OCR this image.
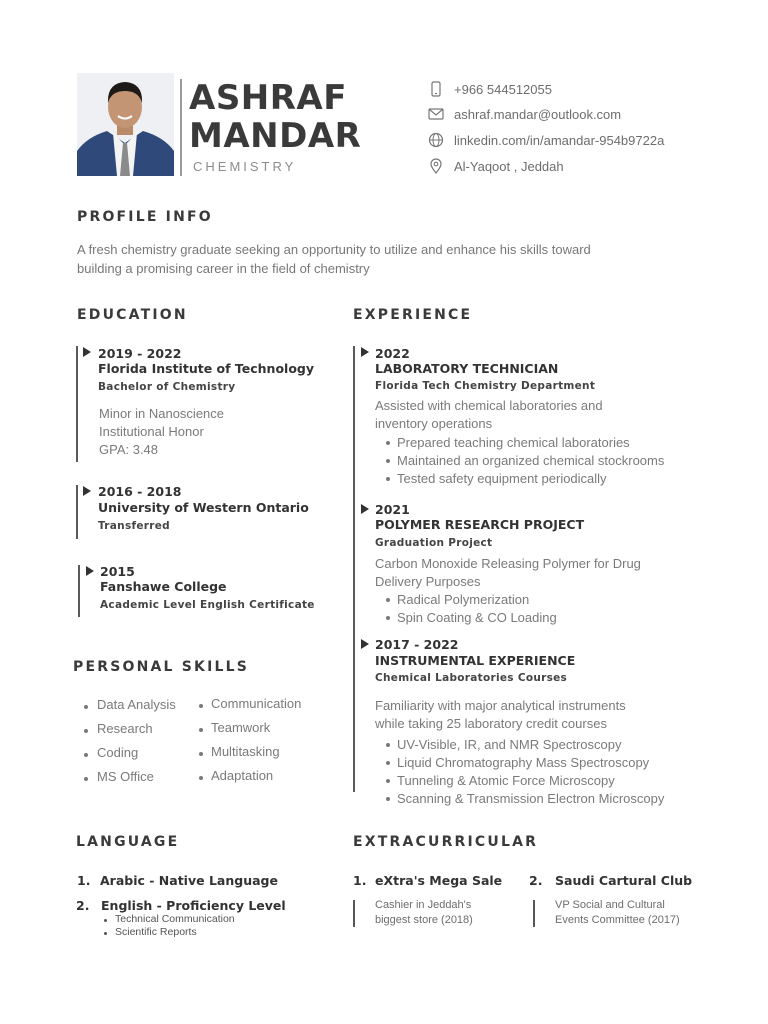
ASHRAF
MANDAR
CHEMISTRY
+966 544512055
ashraf.mandar@outlook.com
linkedin.com/in/amandar-954b9722a
Al-Yaqoot , Jeddah
PROFILE INFO
A fresh chemistry graduate seeking an opportunity to utilize and enhance his skills toward
building a promising career in the field of chemistry
EDUCATION
2019 - 2022
Florida Institute of Technology
Bachelor of Chemistry
Minor in Nanoscience
Institutional Honor
GPA: 3.48
2016 - 2018
University of Western Ontario
Transferred
2015
Fanshawe College
Academic Level English Certificate
PERSONAL SKILLS
Data Analysis
Research
Coding
MS Office
Communication
Teamwork
Multitasking
Adaptation
EXPERIENCE
2022
LABORATORY TECHNICIAN
Florida Tech Chemistry Department
Assisted with chemical laboratories and
inventory operations
Prepared teaching chemical laboratories
Maintained an organized chemical stockrooms
Tested safety equipment periodically
2021
POLYMER RESEARCH PROJECT
Graduation Project
Carbon Monoxide Releasing Polymer for Drug
Delivery Purposes
Radical Polymerization
Spin Coating & CO Loading
2017 - 2022
INSTRUMENTAL EXPERIENCE
Chemical Laboratories Courses
Familiarity with major analytical instruments
while taking 25 laboratory credit courses
UV-Visible, IR, and NMR Spectroscopy
Liquid Chromatography Mass Spectroscopy
Tunneling & Atomic Force Microscopy
Scanning & Transmission Electron Microscopy
LANGUAGE
1. Arabic - Native Language
2. English - Proficiency Level
Technical Communication
Scientific Reports
EXTRACURRICULAR
1. eXtra's Mega Sale
Cashier in Jeddah's
biggest store (2018)
2. Saudi Cartural Club
VP Social and Cultural
Events Committee (2017)
